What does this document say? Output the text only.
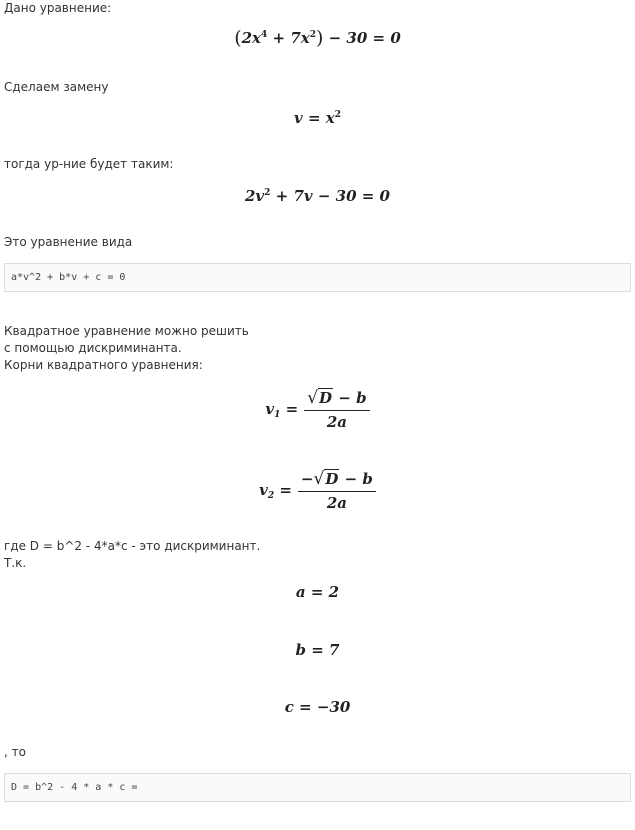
Дано уравнение:
$(2x^4 + 7x^2) - 30 = 0$
Сделаем замену
$v = x^2$
тогда ур-ние будет таким:
$2v^2 + 7v - 30 = 0$
Это уравнение вида
a*v^2 + b*v + c = 0
Квадратное уравнение можно решить
с помощью дискриминанта.
Корни квадратного уравнения:
$v_1 = \frac{√D - b}{2a}$
$v_2 = \frac{-√D - b}{2a}$
где D = b^2 - 4*a*c - это дискриминант.
Т.к.
a = 2
b = 7
c = −30
, то
D = b^2 - 4 * a * c =
